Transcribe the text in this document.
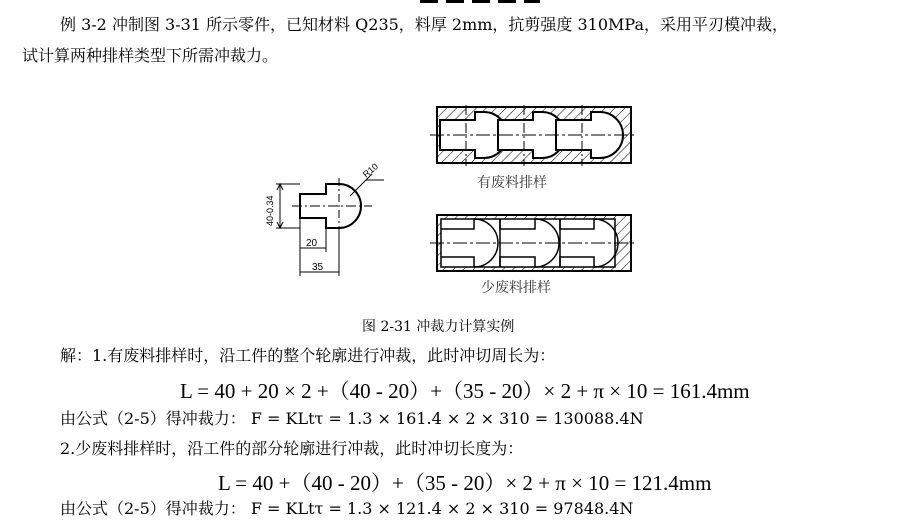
例 3-2 冲制图 3-31 所示零件，已知材料 Q235，料厚 2mm，抗剪强度 310MPa，采用平刃模冲裁，
试计算两种排样类型下所需冲裁力。
有废料排样
少废料排样
R10
40-0.34
20
35
图 2-31 冲裁力计算实例
解：1.有废料排样时，沿工件的整个轮廓进行冲裁，此时冲切周长为：
L = 40 + 20 × 2 +（40 - 20）+（35 - 20）× 2 + π × 10 = 161.4mm
由公式（2-5）得冲裁力： F = KLtτ = 1.3 × 161.4 × 2 × 310 = 130088.4N
2.少废料排样时，沿工件的部分轮廓进行冲裁，此时冲切长度为：
L = 40 +（40 - 20）+（35 - 20）× 2 + π × 10 = 121.4mm
由公式（2-5）得冲裁力： F = KLtτ = 1.3 × 121.4 × 2 × 310 = 97848.4N
